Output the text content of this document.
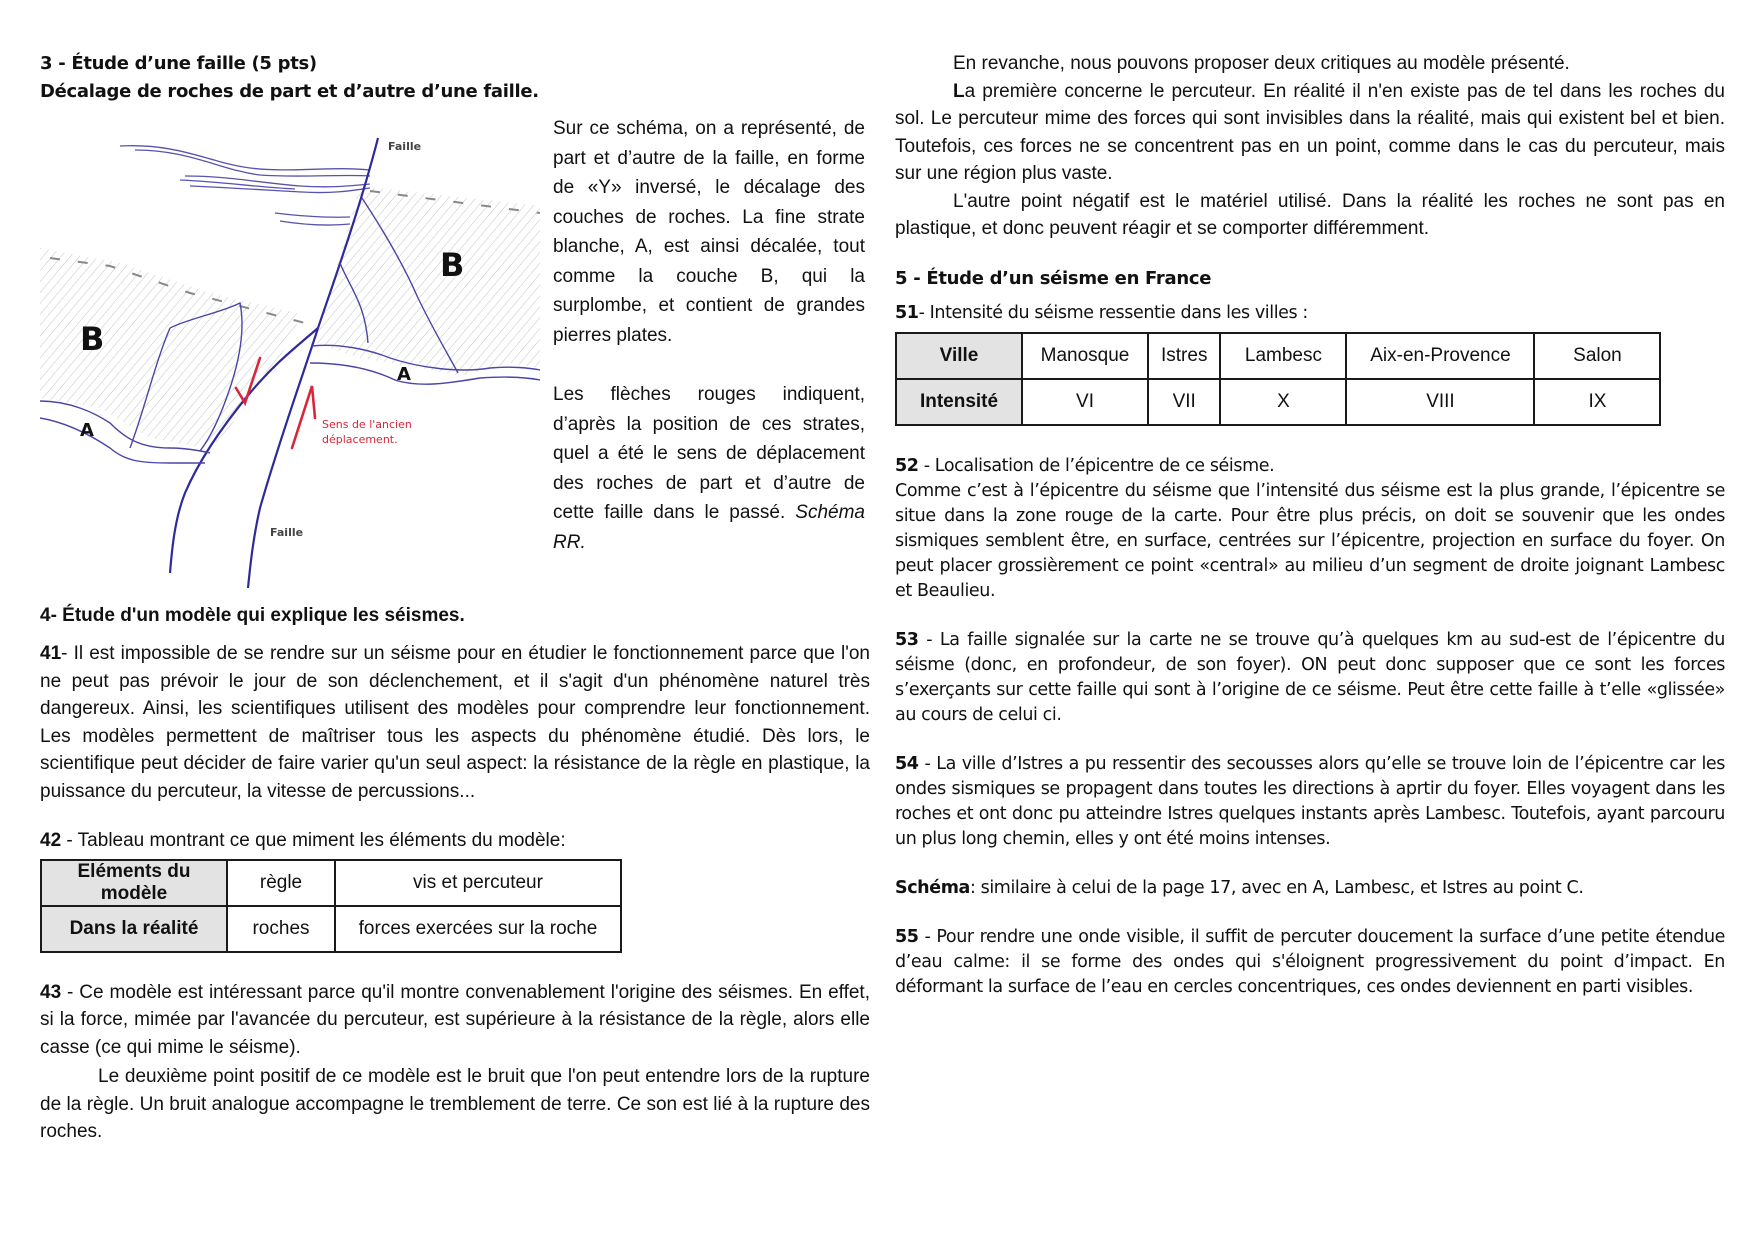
3 - Étude d’une faille (5 pts)
Décalage de roches de part et d’autre d’une faille.
Faille
Faille
B
B
A
A
Sens de l'ancien
déplacement.

Sur ce schéma, on a représenté, de part et d’autre de la faille, en forme de «Y» inversé, le décalage des couches de roches. La fine strate blanche, A, est ainsi décalée, tout comme la couche B, qui la surplombe, et contient de grandes pierres plates.

Les flèches rouges indiquent, d’après la position de ces strates, quel a été le sens de déplacement des roches de part et d’autre de cette faille dans le passé. Schéma RR.

4- Étude d'un modèle qui explique les séismes.

41- Il est impossible de se rendre sur un séisme pour en étudier le fonctionnement parce que l'on ne peut pas prévoir le jour de son déclenchement, et il s'agit d'un phénomène naturel très dangereux. Ainsi, les scientifiques utilisent des modèles pour comprendre leur fonctionnement. Les modèles permettent de maîtriser tous les aspects du phénomène étudié. Dès lors, le scientifique peut décider de faire varier qu'un seul aspect: la résistance de la règle en plastique, la puissance du percuteur, la vitesse de percussions...

42 - Tableau montrant ce que miment les éléments du modèle:

Eléments du modèle	règle	vis et percuteur
Dans la réalité	roches	forces exercées sur la roche

43 - Ce modèle est intéressant parce qu'il montre convenablement l'origine des séismes. En effet, si la force, mimée par l'avancée du percuteur, est supérieure à la résistance de la règle, alors elle casse (ce qui mime le séisme).

Le deuxième point positif de ce modèle est le bruit que l'on peut entendre lors de la rupture de la règle. Un bruit analogue accompagne le tremblement de terre. Ce son est lié à la rupture des roches.

En revanche, nous pouvons proposer deux critiques au modèle présenté.

La première concerne le percuteur. En réalité il n'en existe pas de tel dans les roches du sol. Le percuteur mime des forces qui sont invisibles dans la réalité, mais qui existent bel et bien. Toutefois, ces forces ne se concentrent pas en un point, comme dans le cas du percuteur, mais sur une région plus vaste.

L'autre point négatif est le matériel utilisé. Dans la réalité les roches ne sont pas en plastique, et donc peuvent réagir et se comporter différemment.

5 - Étude d’un séisme en France

51- Intensité du séisme ressentie dans les villes :

Ville	Manosque	Istres	Lambesc	Aix-en-Provence	Salon
Intensité	VI	VII	X	VIII	IX

52 - Localisation de l’épicentre de ce séisme.

Comme c’est à l’épicentre du séisme que l’intensité dus séisme est la plus grande, l’épicentre se situe dans la zone rouge de la carte. Pour être plus précis, on doit se souvenir que les ondes sismiques semblent être, en surface, centrées sur l’épicentre, projection en surface du foyer. On peut placer grossièrement ce point «central» au milieu d’un segment de droite joignant Lambesc et Beaulieu.

53 - La faille signalée sur la carte ne se trouve qu’à quelques km au sud-est de l’épicentre du séisme (donc, en profondeur, de son foyer). ON peut donc supposer que ce sont les forces s’exerçants sur cette faille qui sont à l’origine de ce séisme. Peut être cette faille à t’elle «glissée» au cours de celui ci.

54 - La ville d’Istres a pu ressentir des secousses alors qu’elle se trouve loin de l’épicentre car les ondes sismiques se propagent dans toutes les directions à aprtir du foyer. Elles voyagent dans les roches et ont donc pu atteindre Istres quelques instants après Lambesc. Toutefois, ayant parcouru un plus long chemin, elles y ont été moins intenses.

Schéma: similaire à celui de la page 17, avec en A, Lambesc, et Istres au point C.

55 - Pour rendre une onde visible, il suffit de percuter doucement la surface d’une petite étendue d’eau calme: il se forme des ondes qui s'éloignent progressivement du point d’impact. En déformant la surface de l’eau en cercles concentriques, ces ondes deviennent en parti visibles.
